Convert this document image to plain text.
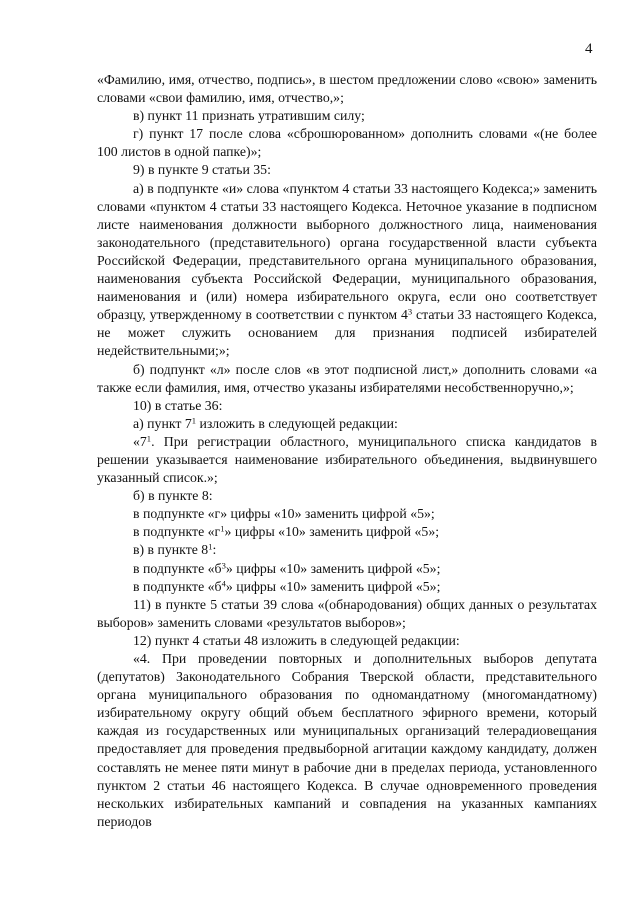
4

«Фамилию, имя, отчество, подпись», в шестом предложении слово «свою» заменить словами «свои фамилию, имя, отчество,»;

в) пункт 11 признать утратившим силу;

г) пункт 17 после слова «сброшюрованном» дополнить словами «(не более 100 листов в одной папке)»;

9) в пункте 9 статьи 35:

а) в подпункте «и» слова «пунктом 4 статьи 33 настоящего Кодекса;» заменить словами «пунктом 4 статьи 33 настоящего Кодекса. Неточное указание в подписном листе наименования должности выборного должностного лица, наименования законодательного (представительного) органа государственной власти субъекта Российской Федерации, представительного органа муниципального образования, наименования субъекта Российской Федерации, муниципального образования, наименования и (или) номера избирательного округа, если оно соответствует образцу, утвержденному в соответствии с пунктом $4^3$ статьи 33 настоящего Кодекса, не может служить основанием для признания подписей избирателей недействительными;»;

б) подпункт «л» после слов «в этот подписной лист,» дополнить словами «а также если фамилия, имя, отчество указаны избирателями несобственноручно,»;

10) в статье 36:

а) пункт $7^1$ изложить в следующей редакции:

«$7^1$. При регистрации областного, муниципального списка кандидатов в решении указывается наименование избирательного объединения, выдвинувшего указанный список.»;

б) в пункте 8:

в подпункте «г» цифры «10» заменить цифрой «5»;

в подпункте «$г^1$» цифры «10» заменить цифрой «5»;

в) в пункте $8^1$:

в подпункте «$б^3$» цифры «10» заменить цифрой «5»;

в подпункте «$б^4$» цифры «10» заменить цифрой «5»;

11) в пункте 5 статьи 39 слова «(обнародования) общих данных о результатах выборов» заменить словами «результатов выборов»;

12) пункт 4 статьи 48 изложить в следующей редакции:

«4. При проведении повторных и дополнительных выборов депутата (депутатов) Законодательного Собрания Тверской области, представительного органа муниципального образования по одномандатному (многомандатному) избирательному округу общий объем бесплатного эфирного времени, который каждая из государственных или муниципальных организаций телерадиовещания предоставляет для проведения предвыборной агитации каждому кандидату, должен составлять не менее пяти минут в рабочие дни в пределах периода, установленного пунктом 2 статьи 46 настоящего Кодекса. В случае одновременного проведения нескольких избирательных кампаний и совпадения на указанных кампаниях периодов
